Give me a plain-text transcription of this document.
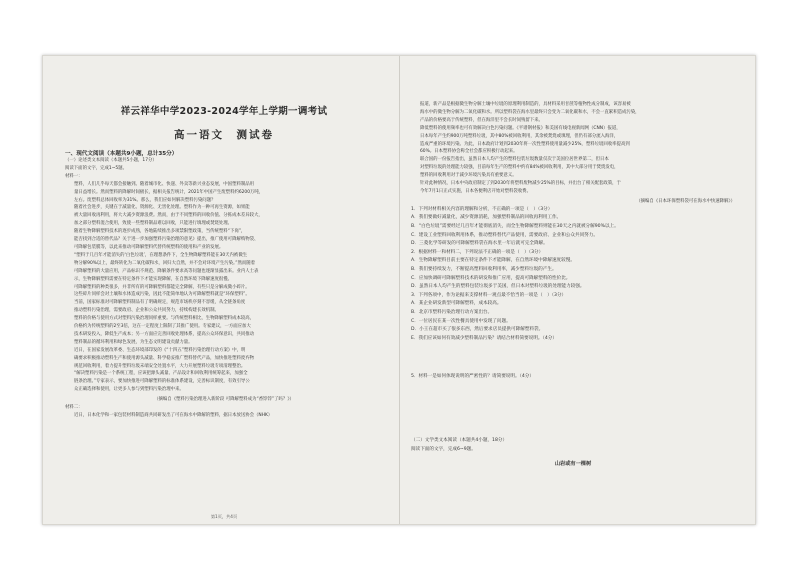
祥云祥华中学2023-2024学年上学期一调考试
高一语文　测试卷
一、现代文阅读（本题共9小题，总计35分）

（一）论述类文本阅读（本题共5小题，17分）

阅读下面的文字，完成1~5题。

材料一：

塑料，人们几乎每天都会接触到。随着城市化、快递、外卖等新兴业态发展，中国塑料制品用

量日益增长。然而塑料的降解时间极长，据相关报告统计，2021年中国产生废塑料约6200万吨，

左右。废塑料总体回收率为31%。那么，我们应如何解决塑料污染问题？

随着社会进步，关键在于减量化、资源化、无害化处理。塑料作为一种可再生资源，如果能

被大量回收再利用，将大大减少资源浪费。然而，由于不同塑料的回收价值、分拣成本差异较大，

加之部分塑料混合使用，致使一些塑料制品难以回收，只能进行填埋或焚烧处理。

随着生物降解塑料技术的逐步成熟，各地陆续推出多项禁限塑政策，当传统塑料“下岗”，

能否找到合适的替代品？关于进一步加强塑料污染治理的意见》提出，推广使用可降解购物袋、

可降解包装膜等，以此来推动可降解塑料代替传统塑料的使用和产业的发展。

“塑料于几百年才能消失的‘白色垃圾’，在理想条件下，全生物降解塑料能在30天内被微生

物分解90%以上，最终转化为二氧化碳和水，回归大自然，并不会对环境产生污染。”然而随着

可降解塑料的大量应用，产品标识不规范、降解条件要求高等问题也逐渐显露出来。业内人士表

示，生物降解塑料需要在特定条件下才能实现降解，在自然环境下降解速度很慢。

可降解塑料的种类很多，并非所有的可降解塑料都能完全降解，有些只是分解成微小碎片。

这些碎片同样会对土壤和水体造成污染，因此不能简单地认为可降解塑料就是“环保塑料”。

当前，国家标准对可降解塑料制品有了明确规定，规范市场秩序刻不容缓，从全链条角度

推动塑料污染治理，需要政府、企业和公众共同努力，持续构建长效机制。

塑料的价格与使用方式对塑料污染治理同样重要。与传统塑料相比，生物降解塑料成本较高，

价格约为传统塑料的2至3倍，这在一定程度上限制了其推广使用。专家建议，一方面应加大

技术研发投入，降低生产成本；另一方面应完善回收处理体系，提高公众环保意识，共同推动

塑料制品的循环利用和绿色发展，为生态文明建设贡献力量。

近日，在国家发展改革委、生态环境部印发的《“十四五”塑料污染治理行动方案》中，明

确要求积极推动塑料生产和使用源头减量、科学稳妥推广塑料替代产品，加快推进塑料废弃物

规范回收利用，着力提升塑料垃圾末端安全处置水平，大力开展塑料垃圾专项清理整治。

“解决塑料污染是一个系统工程，应该把源头减量、产品设计和回收利用统筹起来，加强全

链条治理。”专家表示，要加快推进可降解塑料的标准体系建设，完善标识制度，有效引导公

众正确选择和使用，让更多人参与到塑料污染治理中来。

（摘编自《塑料污染治理进入新阶段 可降解塑料成为“香饽饽”了吗？》）

材料二：

近日，日本化学和一家包装材料制造商共同研发出了可在海水中降解的塑料，据日本放送协会（NHK）

第1页，共4页

报道，新产品是根据微生物分解土壤中垃圾的原理利用制造的，具材料采用甘蔗等植物性成分制成，该容易被

海水中的微生物分解为二氧化碳和水。所以塑料袋在海水里最终只会变为二氧化碳和水，不会一直累积造成污染，

产品的价格要高于传统塑料，但在海洋里不会长时间残留下来。

降低塑料的使用频率也可有效解决白色污染问题。《平谱钢材报》和美国有线电视新闻网（CNN）报道，

日本每年产生约900万吨塑料垃圾，其中80%被回收利用，其余被焚烧或填埋，但仍有部分流入海洋，

造成严重的环境污染。为此，日本政府计划到2030年将一次性塑料使用量减少25%，塑料垃圾回收率提高到

60%。日本塑料协会称全社会都应积极行动起来。

联合国的一份报告指出，虽然日本人均产生的塑料包装垃圾数量仅次于美国位居世界第二，但日本

对塑料垃圾的处理能力较强，目前每年生产的塑料中约有84%被回收利用，其中大部分用于焚烧发电，

塑料的回收利用对于减少环境污染具有重要意义。

针对此种情况，日本中央政府制定了到2030年将塑料废物减少25%的目标，并出台了相关配套政策，于

今年7月1日正式实施，日本各便利店开始对塑料袋收费。

（摘编自《日本环保塑料袋可在海水中快速降解》）

1．下列对材料相关内容的理解和分析，不正确的一项是（　）（3分）

A．我们要做好减量化，减少资源消耗，加强塑料制品的回收再利用工作。

B．“白色垃圾”需要经过几百年才能彻底消失，而全生物降解塑料则能在30天之内就被分解90%以上。

C．建设工业塑料回收利用体系，推动塑料替代产品使用，需要政府、企业和公众共同努力。

D．三菱化学等研发的可降解塑料袋在海水里一年后就可完全降解。

2．根据材料一和材料二，下列说法不正确的一项是（　）（3分）

A．生物降解塑料目前主要在特定条件下才能降解，在自然环境中降解速度较慢。

B．我们要持续发力，不断提高塑料回收利用率，减少塑料垃圾的产生。

C．应加快调研可降解塑料技术的研发和推广应用，提高可降解塑料的性价比。

D．虽然日本人均产生的塑料包装垃圾多于美国，但日本对塑料垃圾的处理能力较强。

3．下列各项中，作为论据来支撑材料一观点最不恰当的一项是（　）（3分）

A．某企业研发新型可降解塑料，成本较高。

B．北京市塑料污染治理行动方案出台。

C．一位居民在某一次性餐具使用中发现了问题。

D．小王在超市买了很多东西，然后要求店员提供可降解塑料袋。

E．我们应该如何有效减少塑料制品污染？请结合材料简要说明。（4分）

5．材料一是如何体现说明的严密性的？请简要说明。（4分）

（二）文学类文本阅读（本题共4小题，18分）

阅读下面的文字，完成6~9题。

山岩或有一棵树
